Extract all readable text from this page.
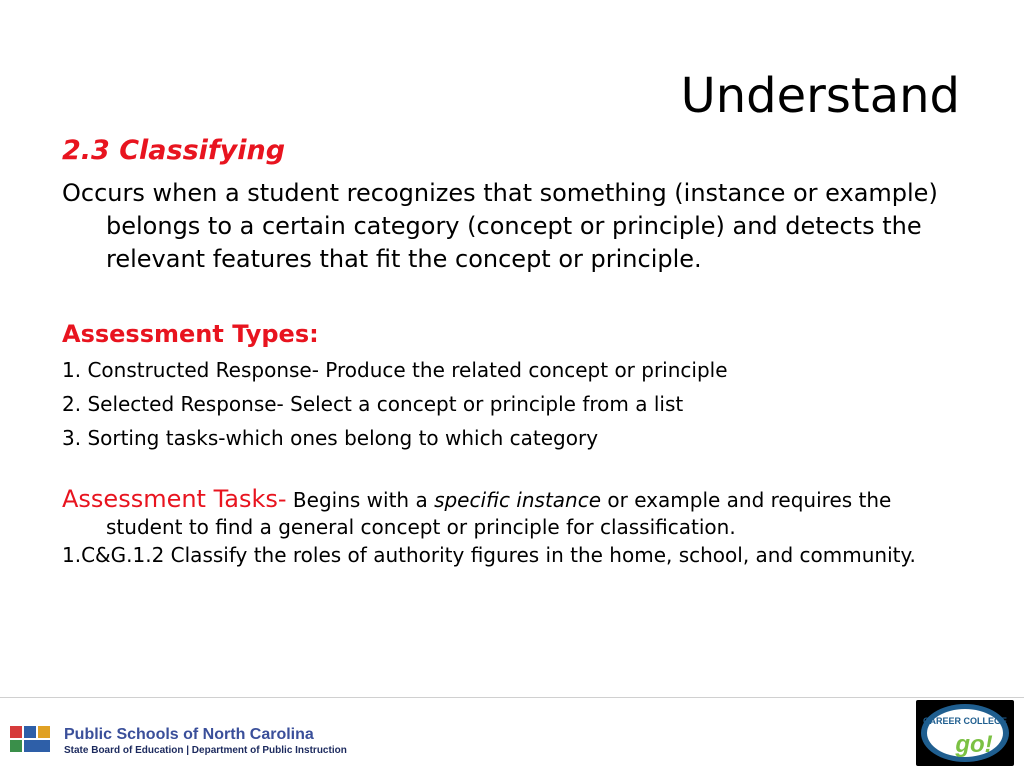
Understand

2.3 Classifying

Occurs when a student recognizes that something (instance or example) belongs to a certain category (concept or principle) and detects the relevant features that fit the concept or principle.

Assessment Types:

1. Constructed Response- Produce the related concept or principle

2. Selected Response- Select a concept or principle from a list

3. Sorting tasks-which ones belong to which category

Assessment Tasks- Begins with a specific instance or example and requires the student to find a general concept or principle for classification.

1.C&G.1.2 Classify the roles of authority figures in the home, school, and community.

Public Schools of North Carolina
State Board of Education | Department of Public Instruction
CAREER COLLEGE
go!
